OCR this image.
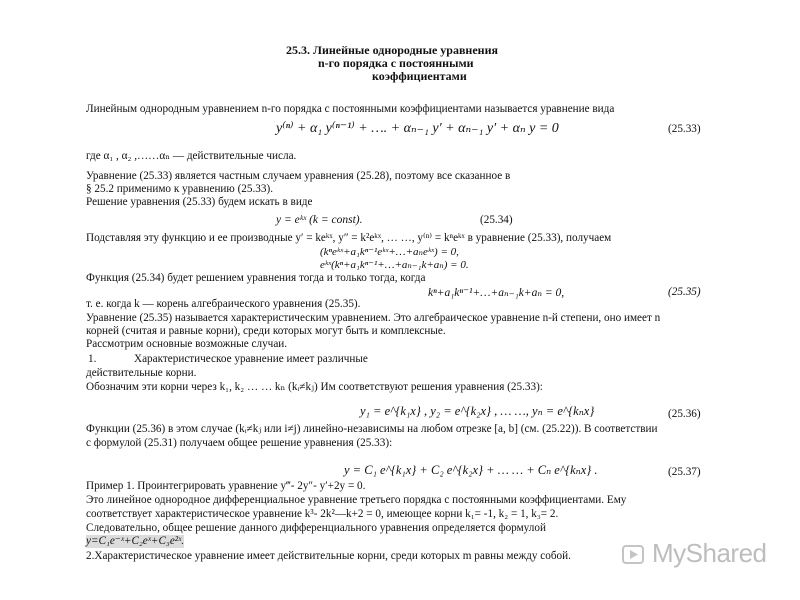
25.3. Линейные однородные уравнения
n-го порядка с постоянными
коэффициентами
Линейным однородным уравнением n-го порядка с постоянными коэффициентами называется уравнение вида
y⁽ⁿ⁾ + α₁ y⁽ⁿ⁻¹⁾ + …. + αₙ₋₁ y′ + αₙ₋₁ y′ + αₙ y = 0	(25.33)
где α₁ , α₂ ,……αₙ — действительные числа.
Уравнение (25.33) является частным случаем уравнения (25.28), поэтому все сказанное в
§ 25.2 применимо к уравнению (25.33).
Решение уравнения (25.33) будем искать в виде
y = eᵏˣ (k = const).	(25.34)
Подставляя эту функцию и ее производные y′ = keᵏˣ, y″ = k²eᵏˣ, … …, y⁽ⁿ⁾ = kⁿeᵏˣ в уравнение (25.33), получаем
(kⁿeᵏˣ+a₁kⁿ⁻¹eᵏˣ+…+aₙeᵏˣ) = 0,
eᵏˣ(kⁿ+a₁kⁿ⁻¹+…+aₙ₋₁k+aₙ) = 0.
Функция (25.34) будет решением уравнения тогда и только тогда, когда
kⁿ+a₁kⁿ⁻¹+…+aₙ₋₁k+aₙ = 0,	(25.35)
т. е. когда k — корень алгебраического уравнения (25.35).
Уравнение (25.35) называется характеристическим уравнением. Это алгебраическое уравнение n-й степени, оно имеет n
корней (считая и равные корни), среди которых могут быть и комплексные.
Рассмотрим основные возможные случаи.
1.	Характеристическое уравнение имеет различные
действительные корни.
Обозначим эти корни через k₁, k₂ … … kₙ (kᵢ≠kⱼ) Им соответствуют решения уравнения (25.33):
y₁ = e^{k₁x} , y₂ = e^{k₂x} , … …, yₙ = e^{kₙx}	(25.36)
Функции (25.36) в этом случае (kᵢ≠kⱼ или i≠j) линейно-независимы на любом отрезке [a, b] (см. (25.22)). В соответствии
с формулой (25.31) получаем общее решение уравнения (25.33):
y = C₁ e^{k₁x} + C₂ e^{k₂x} + … … + Cₙ e^{kₙx} .	(25.37)
Пример 1. Проинтегрировать уравнение y‴- 2y″- y′+2y = 0.
Это линейное однородное дифференциальное уравнение третьего порядка с постоянными коэффициентами. Ему
соответствует характеристическое уравнение k³- 2k²—k+2 = 0, имеющее корни k₁= -1, k₂ = 1, k₃= 2.
Следовательно, общее решение данного дифференциального уравнения определяется формулой
y=C₁e⁻ˣ+C₂eˣ+C₃e²ˣ.
2.Характеристическое уравнение имеет действительные корни, среди которых m равны между собой.	MyShared
